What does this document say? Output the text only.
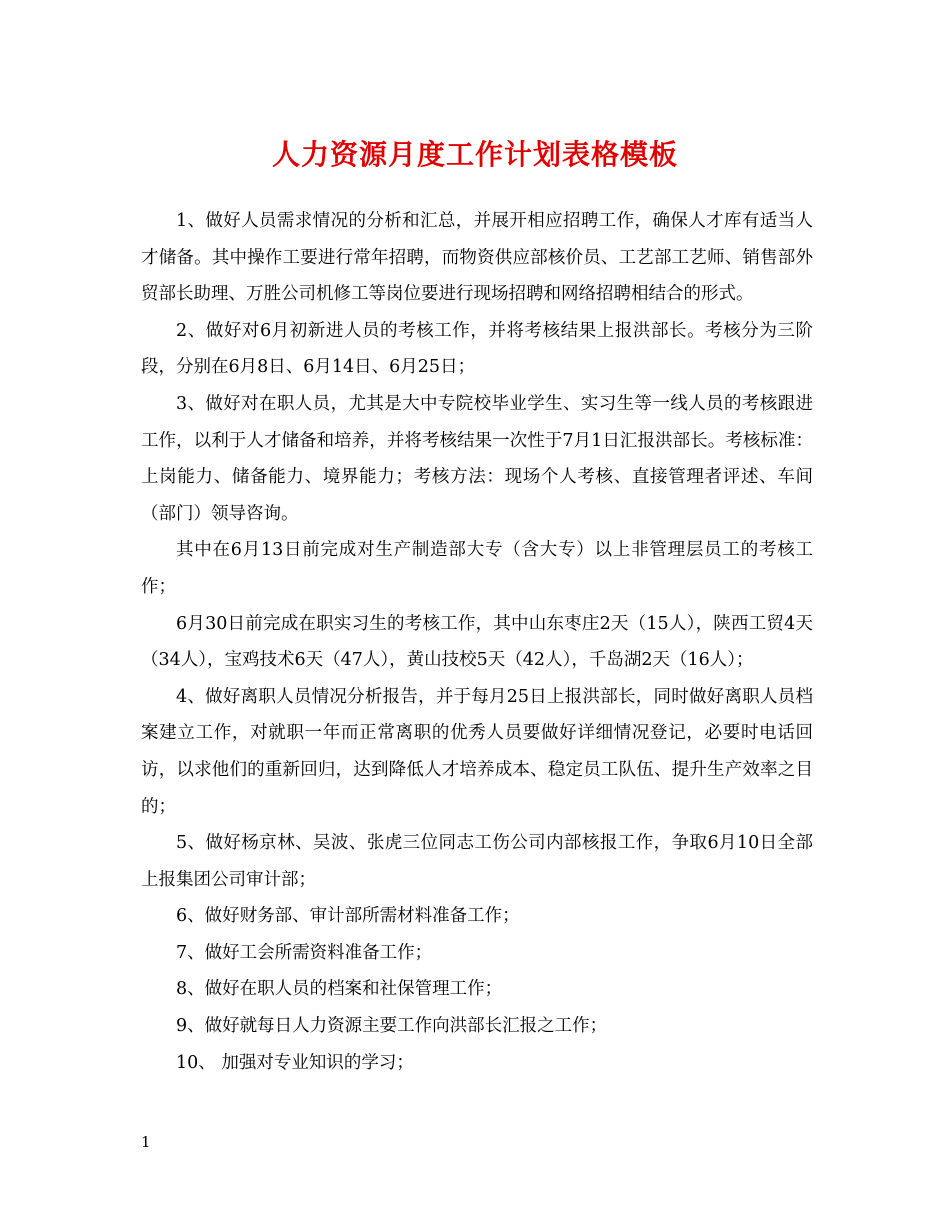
人力资源月度工作计划表格模板

1、做好人员需求情况的分析和汇总，并展开相应招聘工作，确保人才库有适当人才储备。其中操作工要进行常年招聘，而物资供应部核价员、工艺部工艺师、销售部外贸部长助理、万胜公司机修工等岗位要进行现场招聘和网络招聘相结合的形式。

2、做好对6月初新进人员的考核工作，并将考核结果上报洪部长。考核分为三阶段，分别在6月8日、6月14日、6月25日；

3、做好对在职人员，尤其是大中专院校毕业学生、实习生等一线人员的考核跟进工作，以利于人才储备和培养，并将考核结果一次性于7月1日汇报洪部长。考核标准：上岗能力、储备能力、境界能力；考核方法：现场个人考核、直接管理者评述、车间（部门）领导咨询。

其中在6月13日前完成对生产制造部大专（含大专）以上非管理层员工的考核工作；

6月30日前完成在职实习生的考核工作，其中山东枣庄2天（15人），陕西工贸4天（34人），宝鸡技术6天（47人），黄山技校5天（42人），千岛湖2天（16人）；

4、做好离职人员情况分析报告，并于每月25日上报洪部长，同时做好离职人员档案建立工作，对就职一年而正常离职的优秀人员要做好详细情况登记，必要时电话回访，以求他们的重新回归，达到降低人才培养成本、稳定员工队伍、提升生产效率之目的；

5、做好杨京林、吴波、张虎三位同志工伤公司内部核报工作，争取6月10日全部上报集团公司审计部；

6、做好财务部、审计部所需材料准备工作；

7、做好工会所需资料准备工作；

8、做好在职人员的档案和社保管理工作；

9、做好就每日人力资源主要工作向洪部长汇报之工作；

10、 加强对专业知识的学习；

1
